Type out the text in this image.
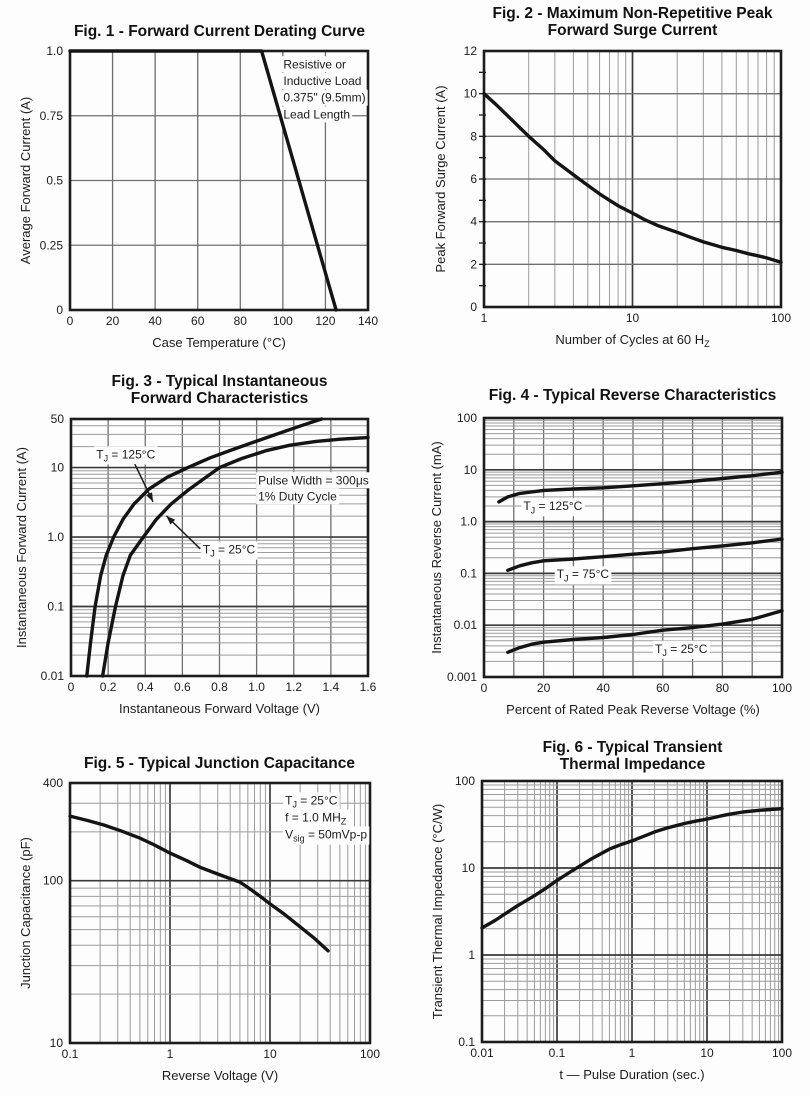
Fig. 1 - Forward Current Derating Curve
Resistive or
Inductive Load
0.375" (9.5mm)
Lead Length
0	20 40 60 80 100 120 140
0
0.25
0.5
0.75
1.0
Case Temperature (°C)
Average Forward Current (A)
Fig. 2 - Maximum Non-Repetitive Peak
Forward Surge Current
1	10	100
0
2
4
6
8
10
12
Number of Cycles at 60 $H_Z$
Peak Forward Surge Current (A)
Fig. 3 - Typical Instantaneous
Forward Characteristics
$T_J = 125^\circ C$
$T_J = 25^\circ C$
Pulse Width = 300μs
1% Duty Cycle
0 0.2 0.4 0.6 0.8 1.0 1.2 1.4 1.6
0.01
0.1
1.0
10
50
Instantaneous Forward Voltage (V)
Instantaneous Forward Current (A)
Fig. 4 - Typical Reverse Characteristics
$T_J = 125^\circ C$
$T_J = 75^\circ C$
$T_J = 25^\circ C$
0	20	40	60	80	100
0.001
0.01
0.1
1.0
10
100
Percent of Rated Peak Reverse Voltage (%)
Instantaneous Reverse Current (mA)
Fig. 5 - Typical Junction Capacitance
$T_J = 25^\circ C$
f = 1.0 $MH_Z$
$V_{sig} = 50mVp-p$
0.1	1	10	100
10
100
400
Reverse Voltage (V)
Junction Capacitance (pF)
Fig. 6 - Typical Transient
Thermal Impedance
0.01	0.1	1	10	100
0.1
1
10
100
t — Pulse Duration (sec.)
Transient Thermal Impedance (°C/W)
